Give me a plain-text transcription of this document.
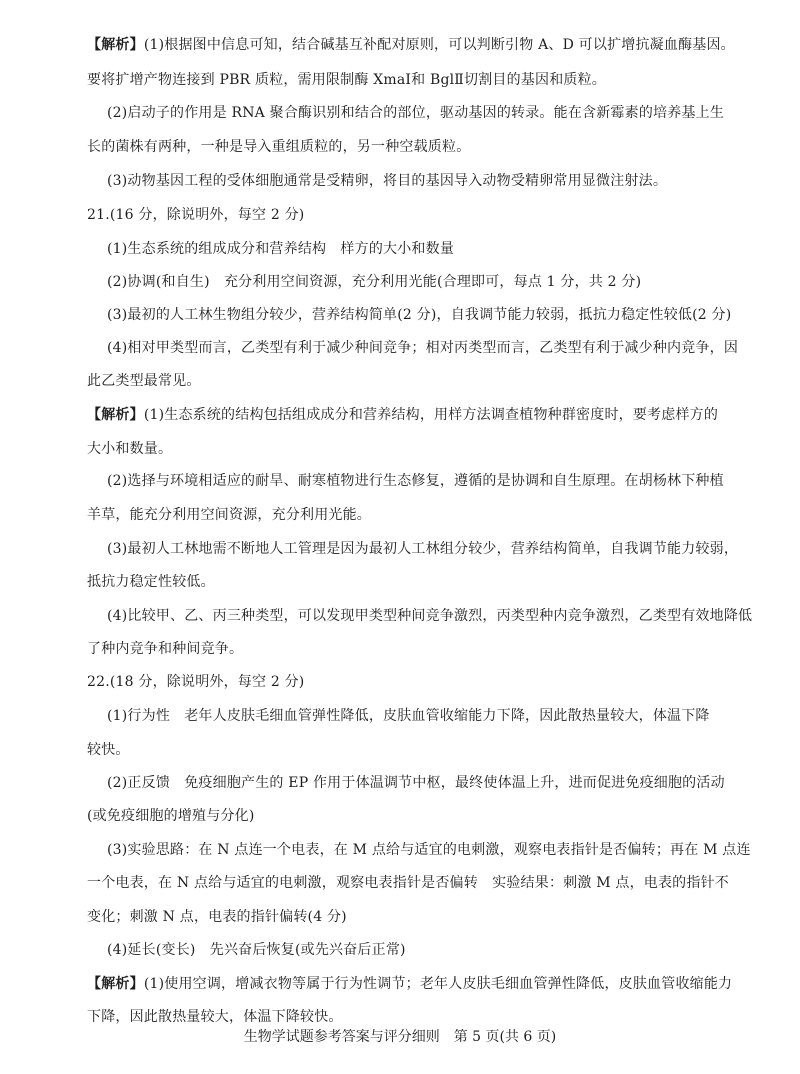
【解析】(1)根据图中信息可知，结合碱基互补配对原则，可以判断引物 A、D 可以扩增抗凝血酶基因。
要将扩增产物连接到 PBR 质粒，需用限制酶 XmaⅠ和 BglⅡ切割目的基因和质粒。
(2)启动子的作用是 RNA 聚合酶识别和结合的部位，驱动基因的转录。能在含新霉素的培养基上生
长的菌株有两种，一种是导入重组质粒的，另一种空载质粒。
(3)动物基因工程的受体细胞通常是受精卵，将目的基因导入动物受精卵常用显微注射法。
21.(16 分，除说明外，每空 2 分)
(1)生态系统的组成成分和营养结构　样方的大小和数量
(2)协调(和自生)　充分利用空间资源，充分利用光能(合理即可，每点 1 分，共 2 分)
(3)最初的人工林生物组分较少，营养结构简单(2 分)，自我调节能力较弱，抵抗力稳定性较低(2 分)
(4)相对甲类型而言，乙类型有利于减少种间竞争；相对丙类型而言，乙类型有利于减少种内竞争，因
此乙类型最常见。
【解析】(1)生态系统的结构包括组成成分和营养结构，用样方法调查植物种群密度时，要考虑样方的
大小和数量。
(2)选择与环境相适应的耐旱、耐寒植物进行生态修复，遵循的是协调和自生原理。在胡杨林下种植
羊草，能充分利用空间资源，充分利用光能。
(3)最初人工林地需不断地人工管理是因为最初人工林组分较少，营养结构简单，自我调节能力较弱，
抵抗力稳定性较低。
(4)比较甲、乙、丙三种类型，可以发现甲类型种间竞争激烈，丙类型种内竞争激烈，乙类型有效地降低
了种内竞争和种间竞争。
22.(18 分，除说明外，每空 2 分)
(1)行为性　老年人皮肤毛细血管弹性降低，皮肤血管收缩能力下降，因此散热量较大，体温下降
较快。
(2)正反馈　免疫细胞产生的 EP 作用于体温调节中枢，最终使体温上升，进而促进免疫细胞的活动
(或免疫细胞的增殖与分化)
(3)实验思路：在 N 点连一个电表，在 M 点给与适宜的电刺激，观察电表指针是否偏转；再在 M 点连
一个电表，在 N 点给与适宜的电刺激，观察电表指针是否偏转　实验结果：刺激 M 点，电表的指针不
变化；刺激 N 点，电表的指针偏转(4 分)
(4)延长(变长)　先兴奋后恢复(或先兴奋后正常)
【解析】(1)使用空调，增减衣物等属于行为性调节；老年人皮肤毛细血管弹性降低，皮肤血管收缩能力
下降，因此散热量较大，体温下降较快。
生物学试题参考答案与评分细则　第 5 页(共 6 页)
